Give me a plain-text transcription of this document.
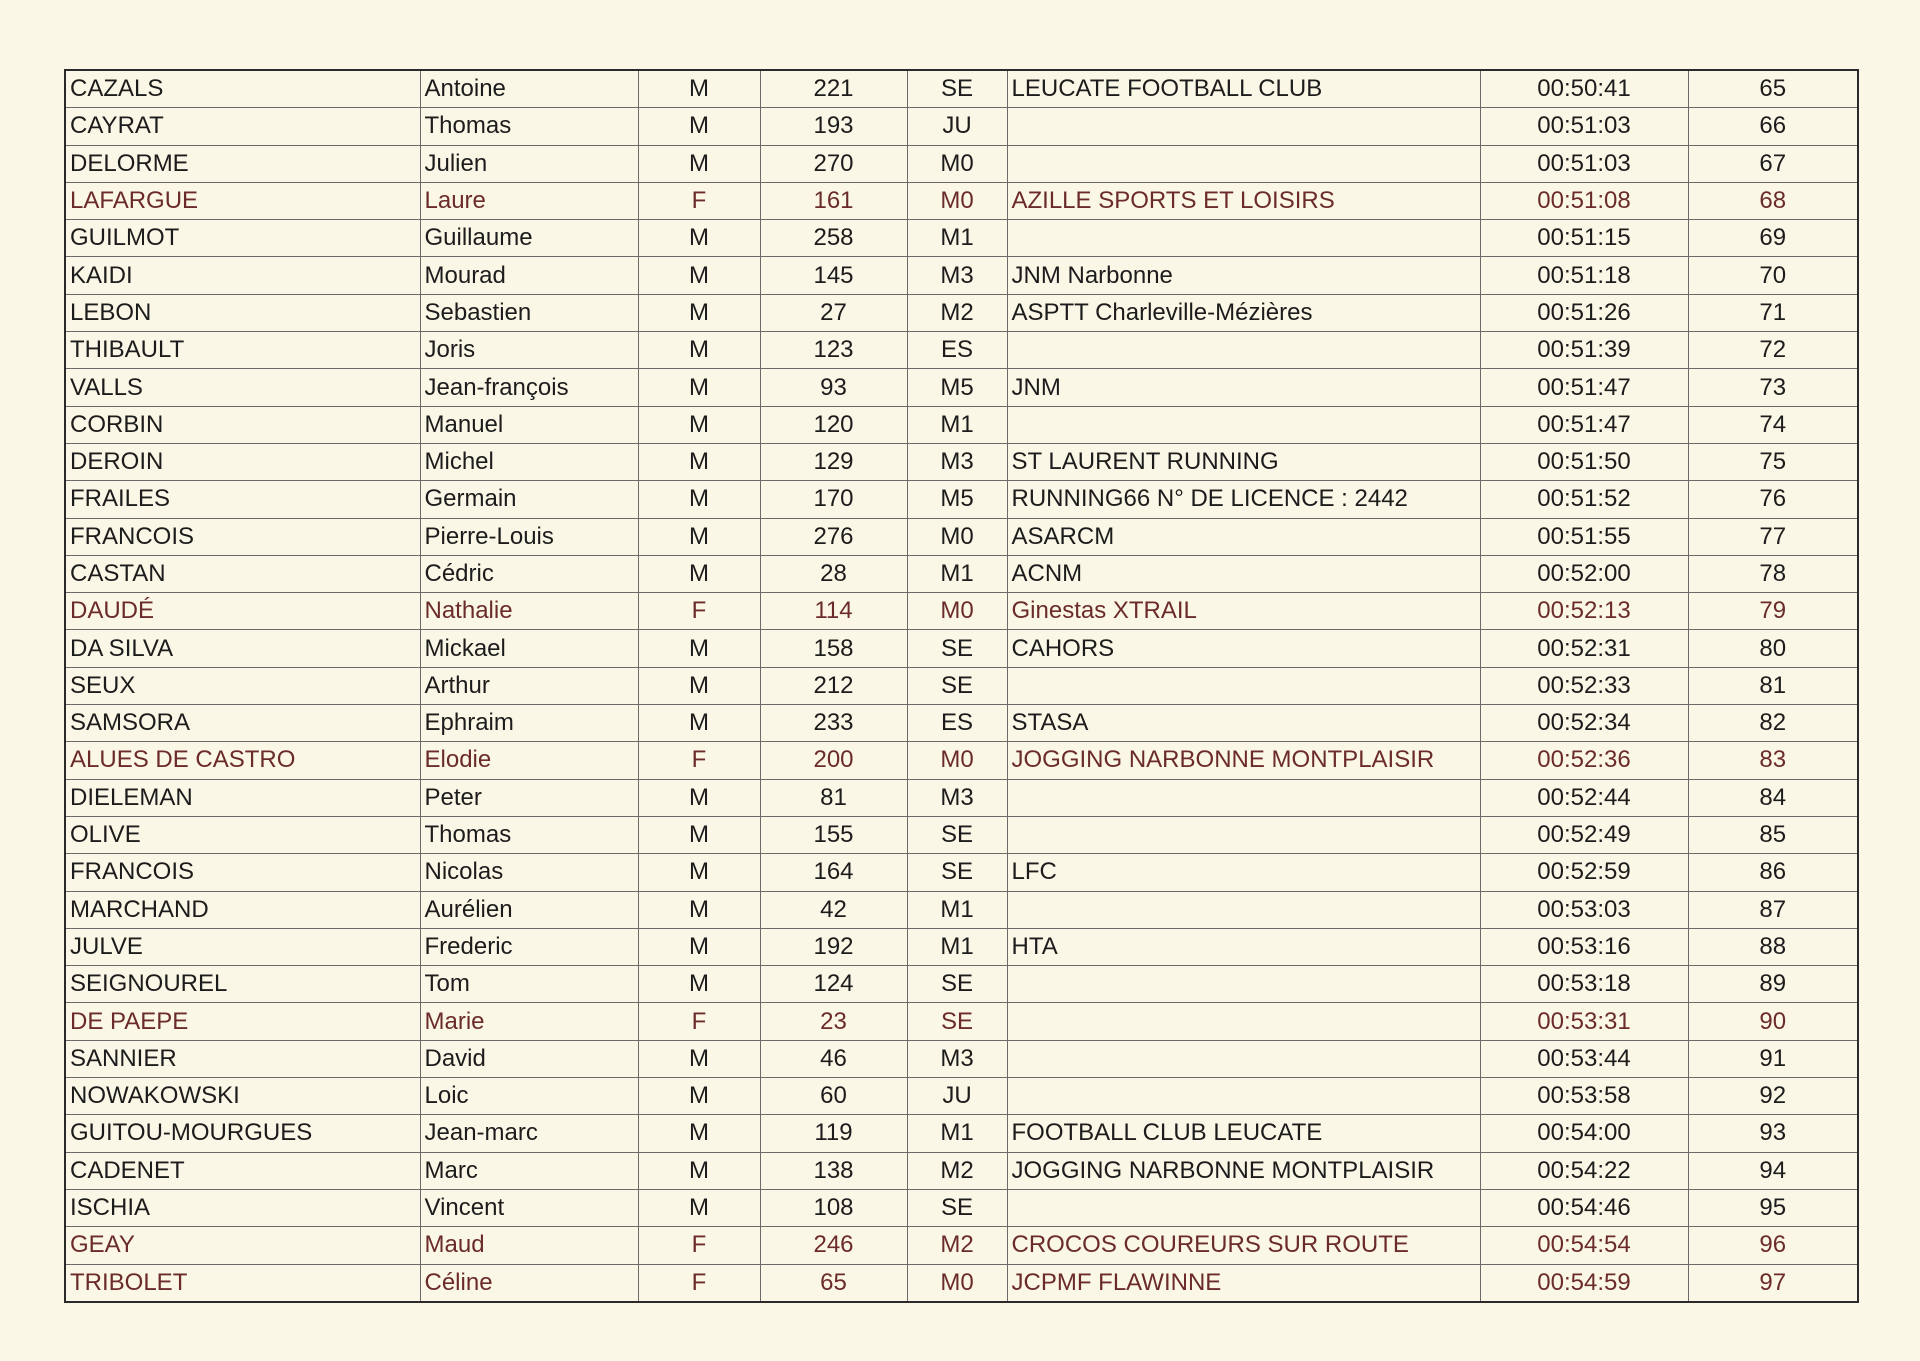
CAZALS	Antoine	M	221	SE	LEUCATE FOOTBALL CLUB	00:50:41	65
CAYRAT	Thomas	M	193	JU		00:51:03	66
DELORME	Julien	M	270	M0		00:51:03	67
LAFARGUE	Laure	F	161	M0	AZILLE SPORTS ET LOISIRS	00:51:08	68
GUILMOT	Guillaume	M	258	M1		00:51:15	69
KAIDI	Mourad	M	145	M3	JNM Narbonne	00:51:18	70
LEBON	Sebastien	M	27	M2	ASPTT Charleville-Mézières	00:51:26	71
THIBAULT	Joris	M	123	ES		00:51:39	72
VALLS	Jean-françois	M	93	M5	JNM	00:51:47	73
CORBIN	Manuel	M	120	M1		00:51:47	74
DEROIN	Michel	M	129	M3	ST LAURENT RUNNING	00:51:50	75
FRAILES	Germain	M	170	M5	RUNNING66 N° DE LICENCE : 2442	00:51:52	76
FRANCOIS	Pierre-Louis	M	276	M0	ASARCM	00:51:55	77
CASTAN	Cédric	M	28	M1	ACNM	00:52:00	78
DAUDÉ	Nathalie	F	114	M0	Ginestas XTRAIL	00:52:13	79
DA SILVA	Mickael	M	158	SE	CAHORS	00:52:31	80
SEUX	Arthur	M	212	SE		00:52:33	81
SAMSORA	Ephraim	M	233	ES	STASA	00:52:34	82
ALUES DE CASTRO	Elodie	F	200	M0	JOGGING NARBONNE MONTPLAISIR	00:52:36	83
DIELEMAN	Peter	M	81	M3		00:52:44	84
OLIVE	Thomas	M	155	SE		00:52:49	85
FRANCOIS	Nicolas	M	164	SE	LFC	00:52:59	86
MARCHAND	Aurélien	M	42	M1		00:53:03	87
JULVE	Frederic	M	192	M1	HTA	00:53:16	88
SEIGNOUREL	Tom	M	124	SE		00:53:18	89
DE PAEPE	Marie	F	23	SE		00:53:31	90
SANNIER	David	M	46	M3		00:53:44	91
NOWAKOWSKI	Loic	M	60	JU		00:53:58	92
GUITOU-MOURGUES	Jean-marc	M	119	M1	FOOTBALL CLUB LEUCATE	00:54:00	93
CADENET	Marc	M	138	M2	JOGGING NARBONNE MONTPLAISIR	00:54:22	94
ISCHIA	Vincent	M	108	SE		00:54:46	95
GEAY	Maud	F	246	M2	CROCOS COUREURS SUR ROUTE	00:54:54	96
TRIBOLET	Céline	F	65	M0	JCPMF FLAWINNE	00:54:59	97
